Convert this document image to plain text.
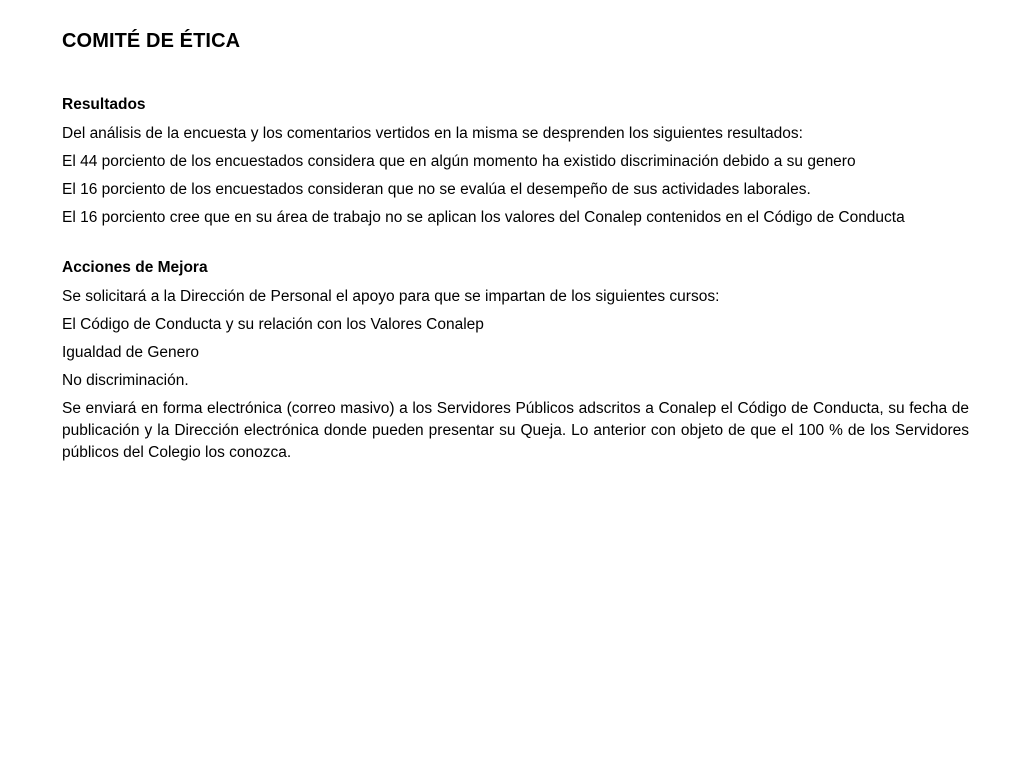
COMITÉ DE ÉTICA
Resultados

Del análisis de la encuesta y los comentarios vertidos en la misma se desprenden los siguientes resultados:

El 44 porciento de los encuestados considera que en algún momento ha existido discriminación debido a su genero

El 16 porciento de los encuestados consideran que no se evalúa el desempeño de sus actividades laborales.

El 16 porciento cree que en su área de trabajo no se aplican los valores del Conalep contenidos en el Código de Conducta

Acciones de Mejora

Se solicitará a la Dirección de Personal el apoyo para que se impartan de los siguientes cursos:

El Código de Conducta y su relación con los Valores Conalep

Igualdad de Genero

No discriminación.

Se enviará en forma electrónica (correo masivo) a los Servidores Públicos adscritos a Conalep el Código de Conducta, su fecha de publicación y la Dirección electrónica donde pueden presentar su Queja. Lo anterior con objeto de que el 100 % de los Servidores públicos del Colegio los conozca.
